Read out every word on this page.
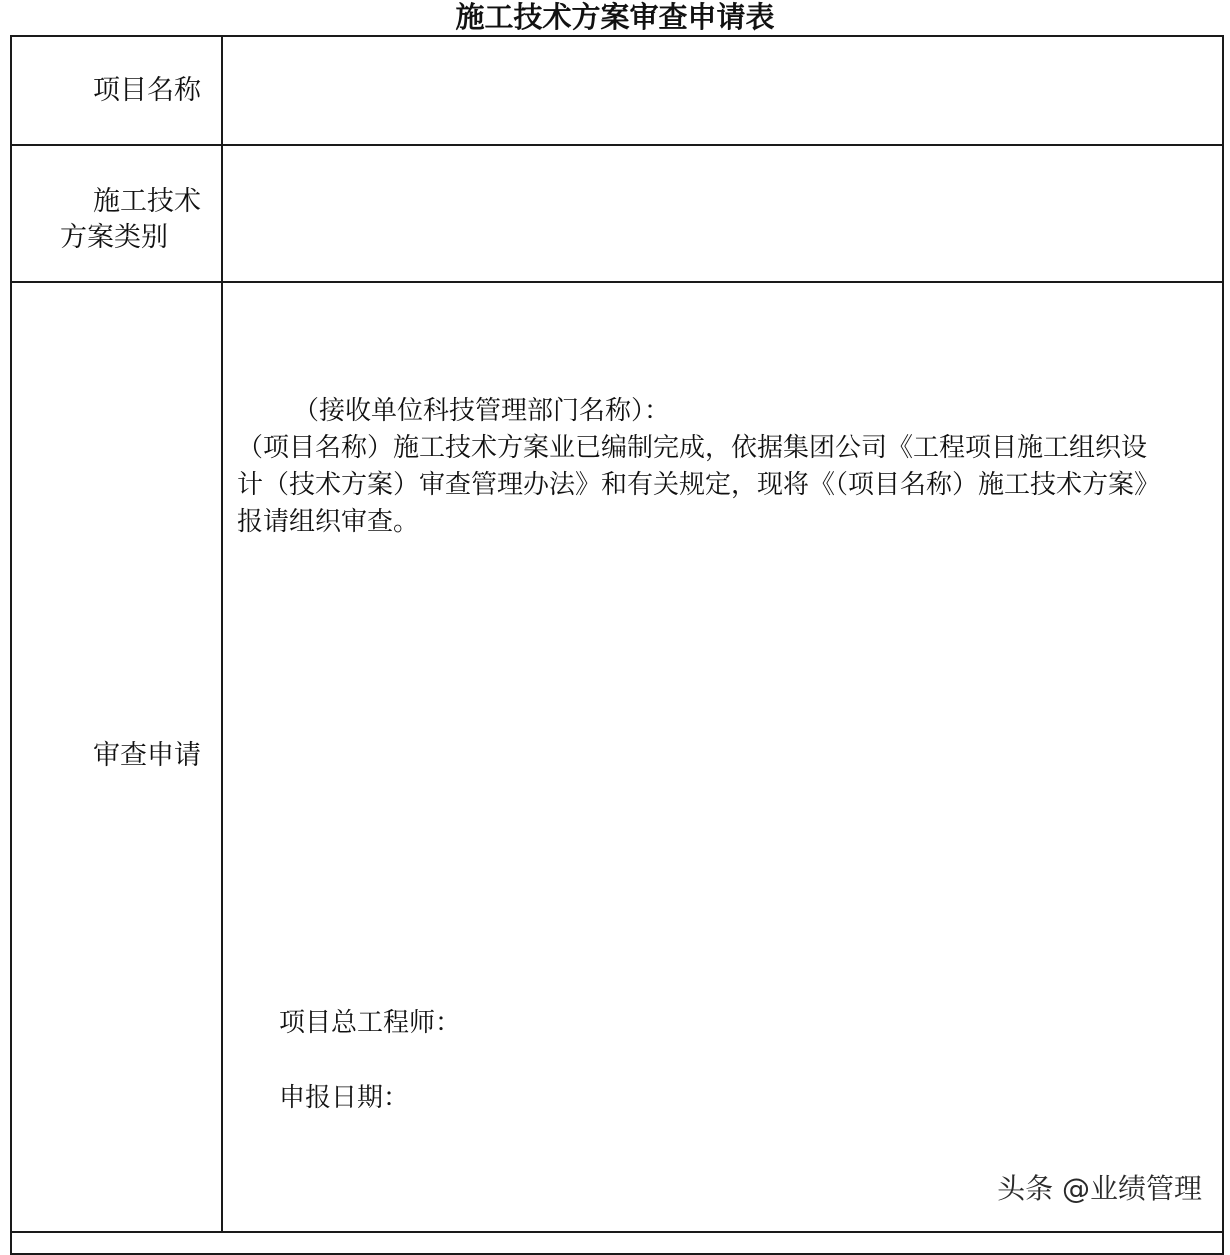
施工技术方案审查申请表
项目名称
施工技术
方案类别
审查申请
（接收单位科技管理部门名称）：
（项目名称）施工技术方案业已编制完成，依据集团公司《工程项目施工组织设
计（技术方案）审查管理办法》和有关规定，现将《（项目名称）施工技术方案》
报请组织审查。
项目总工程师：
申报日期：
头条 @业绩管理
